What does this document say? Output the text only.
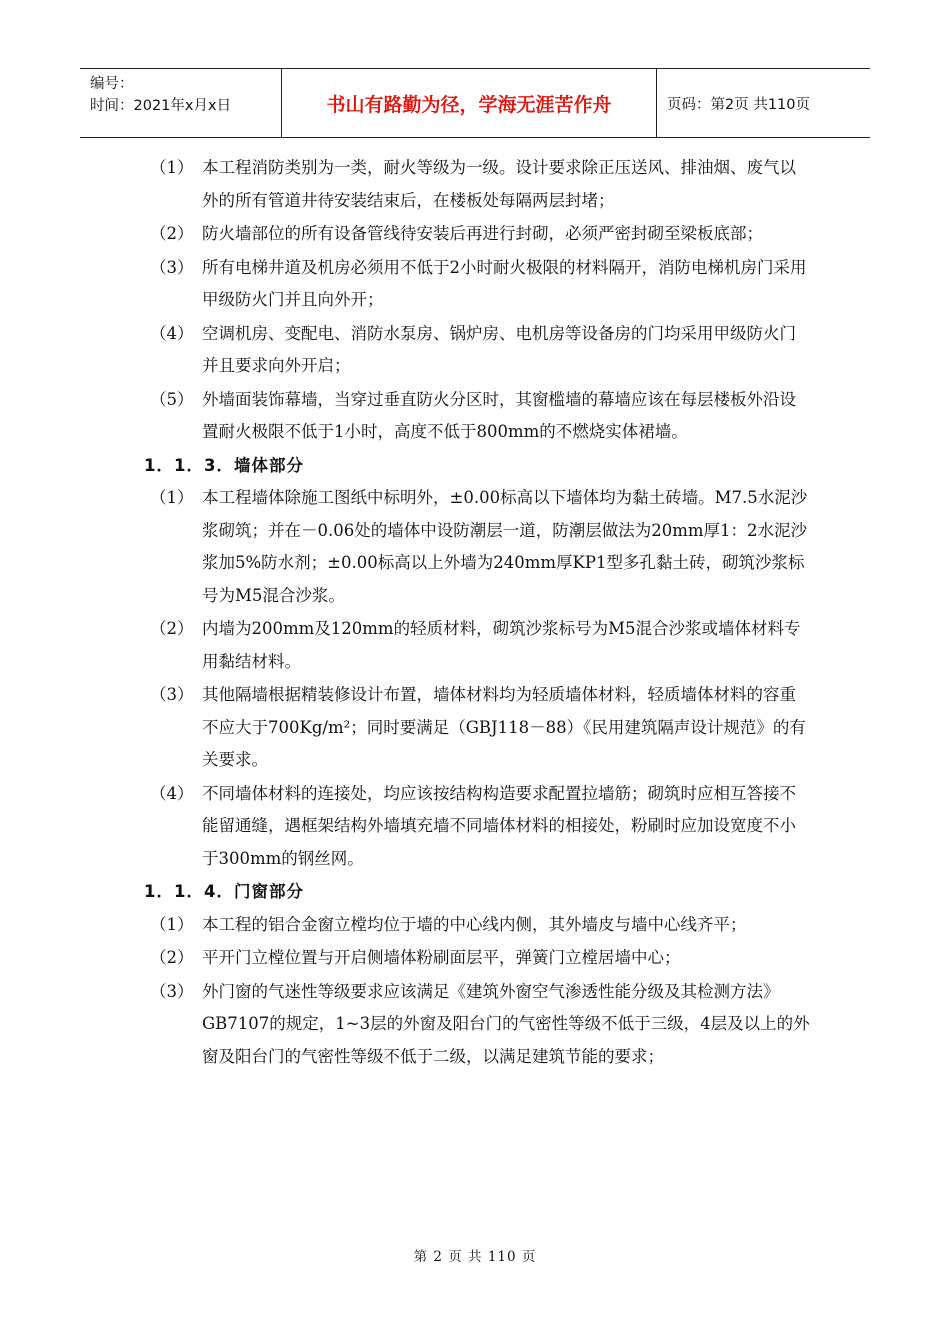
编号：
时间：2021年x月x日	书山有路勤为径，学海无涯苦作舟	页码：第2页 共110页
（1） 本工程消防类别为一类，耐火等级为一级。设计要求除正压送风、排油烟、废气以外的所有管道井待安装结束后，在楼板处每隔两层封堵；
（2） 防火墙部位的所有设备管线待安装后再进行封砌，必须严密封砌至梁板底部；
（3） 所有电梯井道及机房必须用不低于2小时耐火极限的材料隔开，消防电梯机房门采用甲级防火门并且向外开；
（4） 空调机房、变配电、消防水泵房、锅炉房、电机房等设备房的门均采用甲级防火门并且要求向外开启；
（5） 外墙面装饰幕墙，当穿过垂直防火分区时，其窗槛墙的幕墙应该在每层楼板外沿设置耐火极限不低于1小时，高度不低于800mm的不燃烧实体裙墙。
1．1．3．墙体部分
（1） 本工程墙体除施工图纸中标明外，±0.00标高以下墙体均为黏土砖墙。M7.5水泥沙浆砌筑；并在－0.06处的墙体中设防潮层一道，防潮层做法为20mm厚1：2水泥沙浆加5%防水剂；±0.00标高以上外墙为240mm厚KP1型多孔黏土砖，砌筑沙浆标号为M5混合沙浆。
（2） 内墙为200mm及120mm的轻质材料，砌筑沙浆标号为M5混合沙浆或墙体材料专用黏结材料。
（3） 其他隔墙根据精装修设计布置，墙体材料均为轻质墙体材料，轻质墙体材料的容重不应大于700Kg/m²；同时要满足（GBJ118－88）《民用建筑隔声设计规范》的有关要求。
（4） 不同墙体材料的连接处，均应该按结构构造要求配置拉墙筋；砌筑时应相互答接不能留通缝，遇框架结构外墙填充墙不同墙体材料的相接处，粉刷时应加设宽度不小于300mm的钢丝网。
1．1．4．门窗部分
（1） 本工程的铝合金窗立樘均位于墙的中心线内侧，其外墙皮与墙中心线齐平；
（2） 平开门立樘位置与开启侧墙体粉刷面层平，弹簧门立樘居墙中心；
（3） 外门窗的气迷性等级要求应该满足《建筑外窗空气渗透性能分级及其检测方法》GB7107的规定，1~3层的外窗及阳台门的气密性等级不低于三级，4层及以上的外窗及阳台门的气密性等级不低于二级，以满足建筑节能的要求；
第 2 页 共 110 页
